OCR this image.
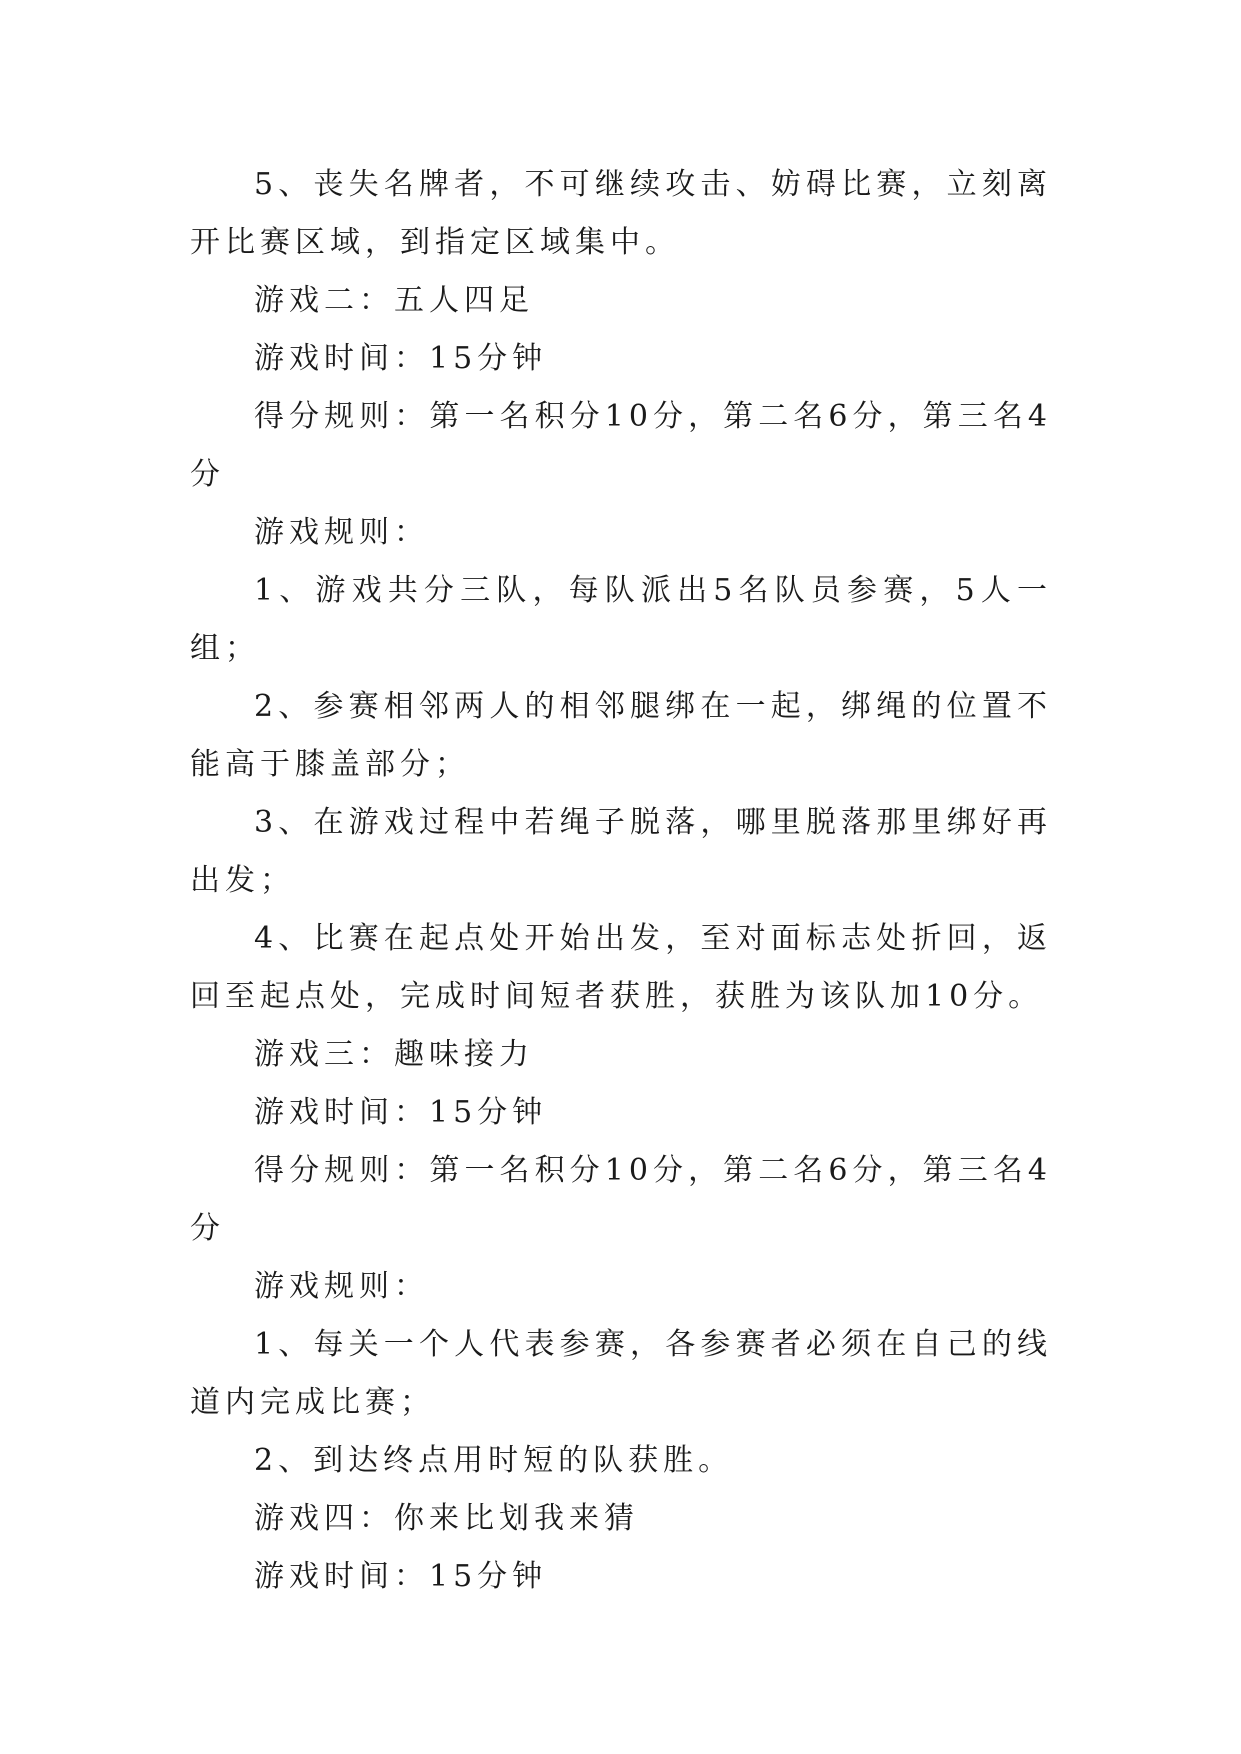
5、丧失名牌者，不可继续攻击、妨碍比赛，立刻离开比赛区域，到指定区域集中。

游戏二：五人四足

游戏时间：15分钟

得分规则：第一名积分10分，第二名6分，第三名4分

游戏规则：

1、游戏共分三队，每队派出5名队员参赛，5人一组；

2、参赛相邻两人的相邻腿绑在一起，绑绳的位置不能高于膝盖部分；

3、在游戏过程中若绳子脱落，哪里脱落那里绑好再出发；

4、比赛在起点处开始出发，至对面标志处折回，返回至起点处，完成时间短者获胜，获胜为该队加10分。

游戏三：趣味接力

游戏时间：15分钟

得分规则：第一名积分10分，第二名6分，第三名4分

游戏规则：

1、每关一个人代表参赛，各参赛者必须在自己的线道内完成比赛；

2、到达终点用时短的队获胜。

游戏四：你来比划我来猜

游戏时间：15分钟
